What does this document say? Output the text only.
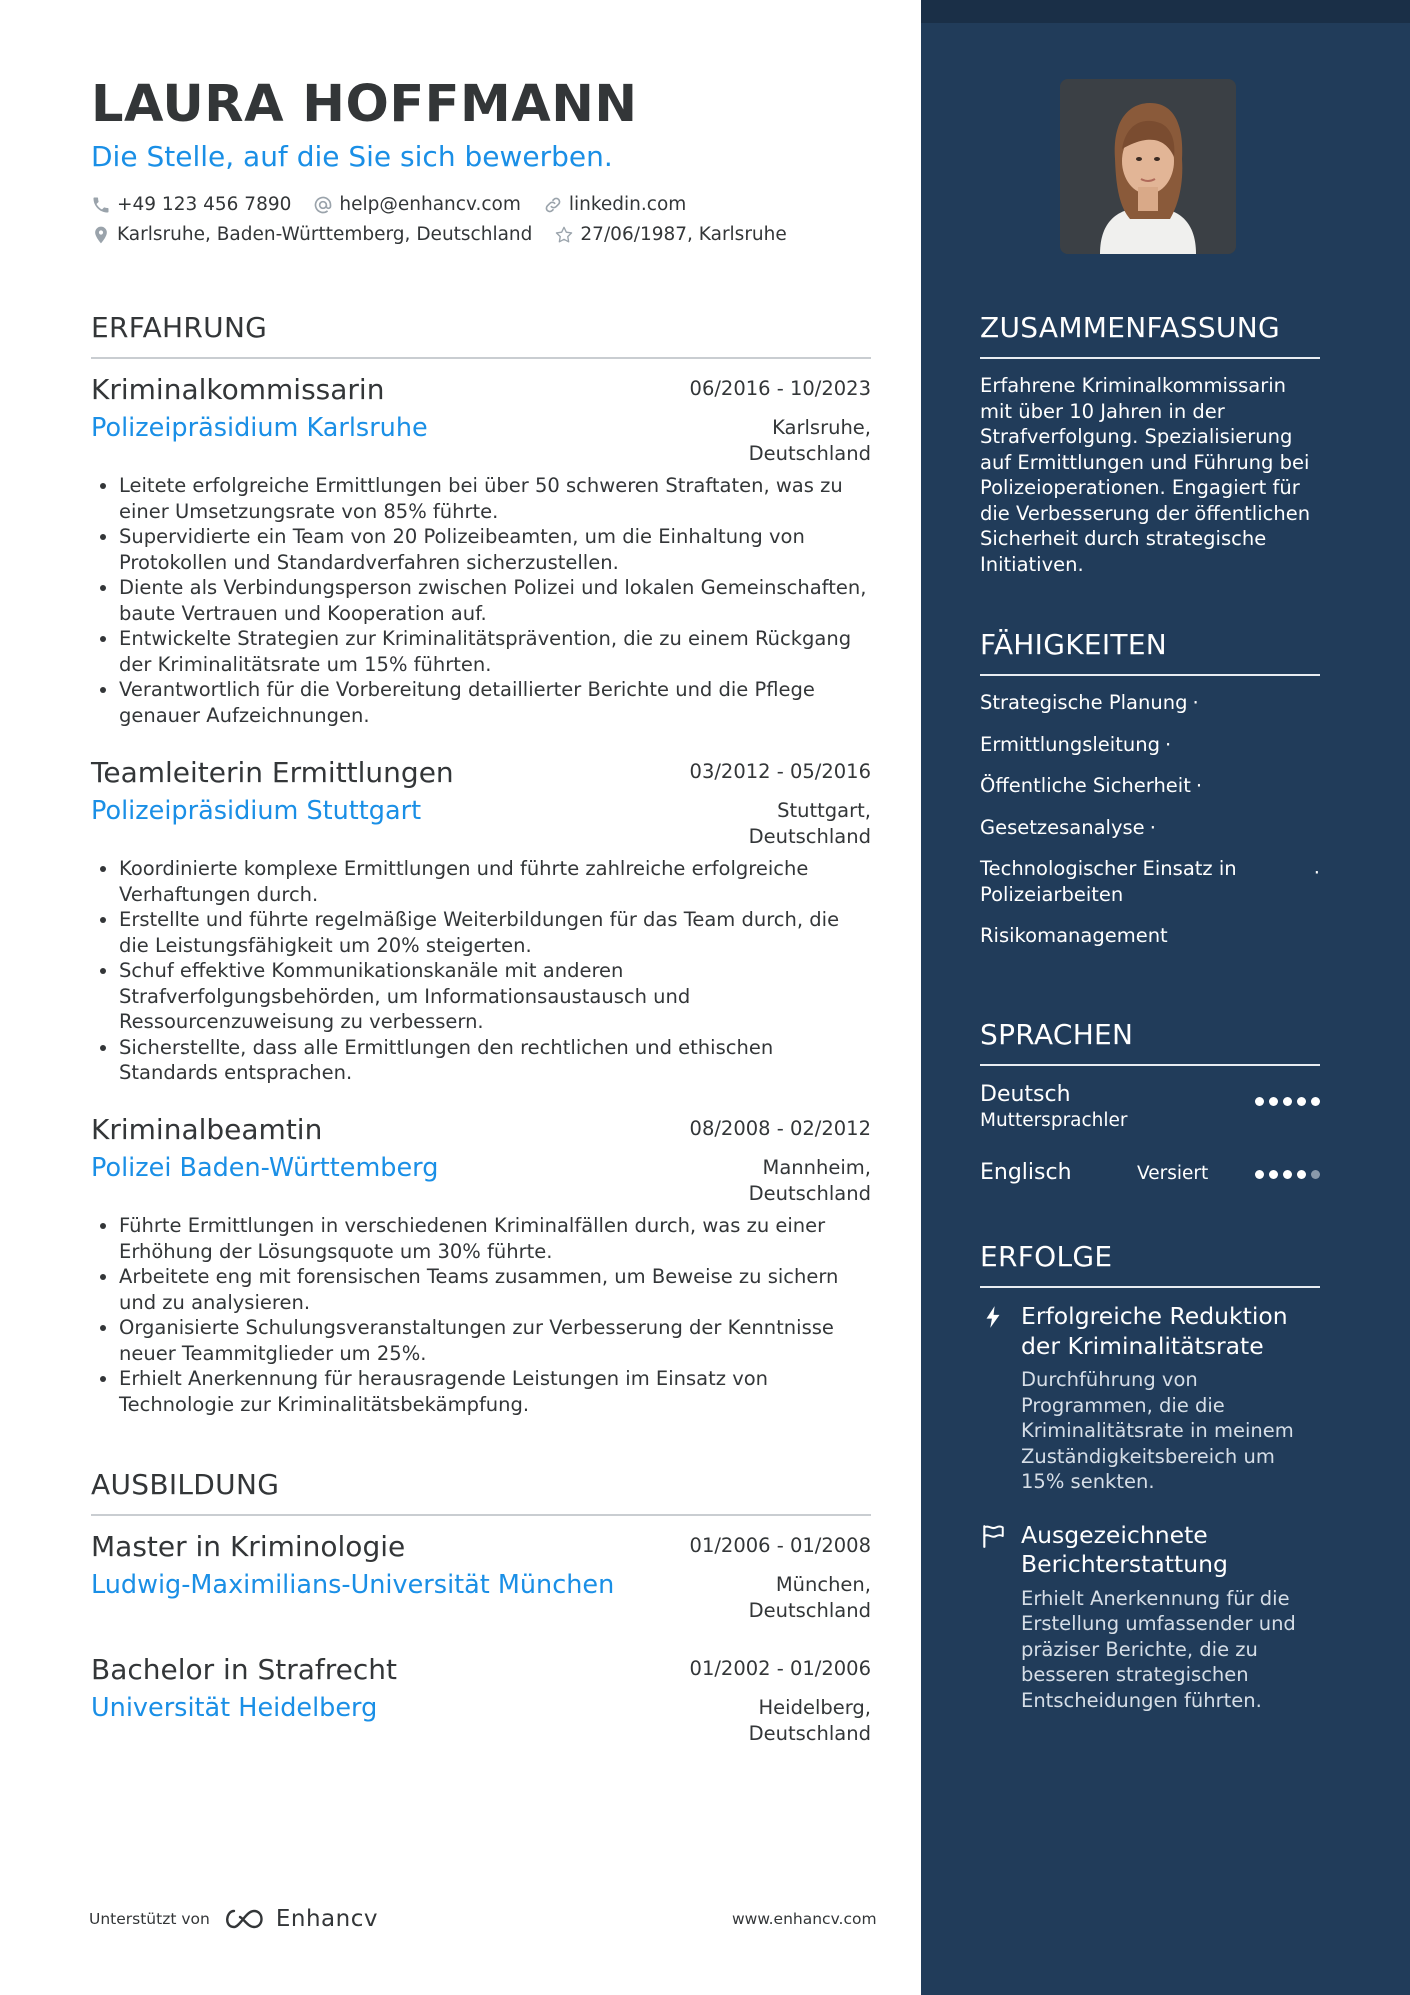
LAURA HOFFMANN
Die Stelle, auf die Sie sich bewerben.
+49 123 456 7890	help@enhancv.com	linkedin.com
Karlsruhe, Baden-Württemberg, Deutschland	27/06/1987, Karlsruhe
ERFAHRUNG
Kriminalkommissarin	06/2016 - 10/2023
Polizeipräsidium Karlsruhe	Karlsruhe,
Deutschland
• Leitete erfolgreiche Ermittlungen bei über 50 schweren Straftaten, was zu einer Umsetzungsrate von 85% führte.
• Supervidierte ein Team von 20 Polizeibeamten, um die Einhaltung von Protokollen und Standardverfahren sicherzustellen.
• Diente als Verbindungsperson zwischen Polizei und lokalen Gemeinschaften, baute Vertrauen und Kooperation auf.
• Entwickelte Strategien zur Kriminalitätsprävention, die zu einem Rückgang der Kriminalitätsrate um 15% führten.
• Verantwortlich für die Vorbereitung detaillierter Berichte und die Pflege genauer Aufzeichnungen.
Teamleiterin Ermittlungen	03/2012 - 05/2016
Polizeipräsidium Stuttgart	Stuttgart,
Deutschland
• Koordinierte komplexe Ermittlungen und führte zahlreiche erfolgreiche Verhaftungen durch.
• Erstellte und führte regelmäßige Weiterbildungen für das Team durch, die die Leistungsfähigkeit um 20% steigerten.
• Schuf effektive Kommunikationskanäle mit anderen Strafverfolgungsbehörden, um Informationsaustausch und Ressourcenzuweisung zu verbessern.
• Sicherstellte, dass alle Ermittlungen den rechtlichen und ethischen Standards entsprachen.
Kriminalbeamtin	08/2008 - 02/2012
Polizei Baden-Württemberg	Mannheim,
Deutschland
• Führte Ermittlungen in verschiedenen Kriminalfällen durch, was zu einer Erhöhung der Lösungsquote um 30% führte.
• Arbeitete eng mit forensischen Teams zusammen, um Beweise zu sichern und zu analysieren.
• Organisierte Schulungsveranstaltungen zur Verbesserung der Kenntnisse neuer Teammitglieder um 25%.
• Erhielt Anerkennung für herausragende Leistungen im Einsatz von Technologie zur Kriminalitätsbekämpfung.
AUSBILDUNG
Master in Kriminologie	01/2006 - 01/2008
Ludwig-Maximilians-Universität München	München,
Deutschland
Bachelor in Strafrecht	01/2002 - 01/2006
Universität Heidelberg	Heidelberg,
Deutschland
Unterstützt von	Enhancv	www.enhancv.com
ZUSAMMENFASSUNG
Erfahrene Kriminalkommissarin mit über 10 Jahren in der Strafverfolgung. Spezialisierung auf Ermittlungen und Führung bei Polizeioperationen. Engagiert für die Verbesserung der öffentlichen Sicherheit durch strategische Initiativen.
FÄHIGKEITEN
Strategische Planung ·
Ermittlungsleitung ·
Öffentliche Sicherheit ·
Gesetzesanalyse ·
Technologischer Einsatz in Polizeiarbeiten
·
Risikomanagement
SPRACHEN
Deutsch
Muttersprachler
Englisch	Versiert
ERFOLGE
Erfolgreiche Reduktion der Kriminalitätsrate
Durchführung von Programmen, die die Kriminalitätsrate in meinem Zuständigkeitsbereich um 15% senkten.
Ausgezeichnete Berichterstattung
Erhielt Anerkennung für die Erstellung umfassender und präziser Berichte, die zu besseren strategischen Entscheidungen führten.
